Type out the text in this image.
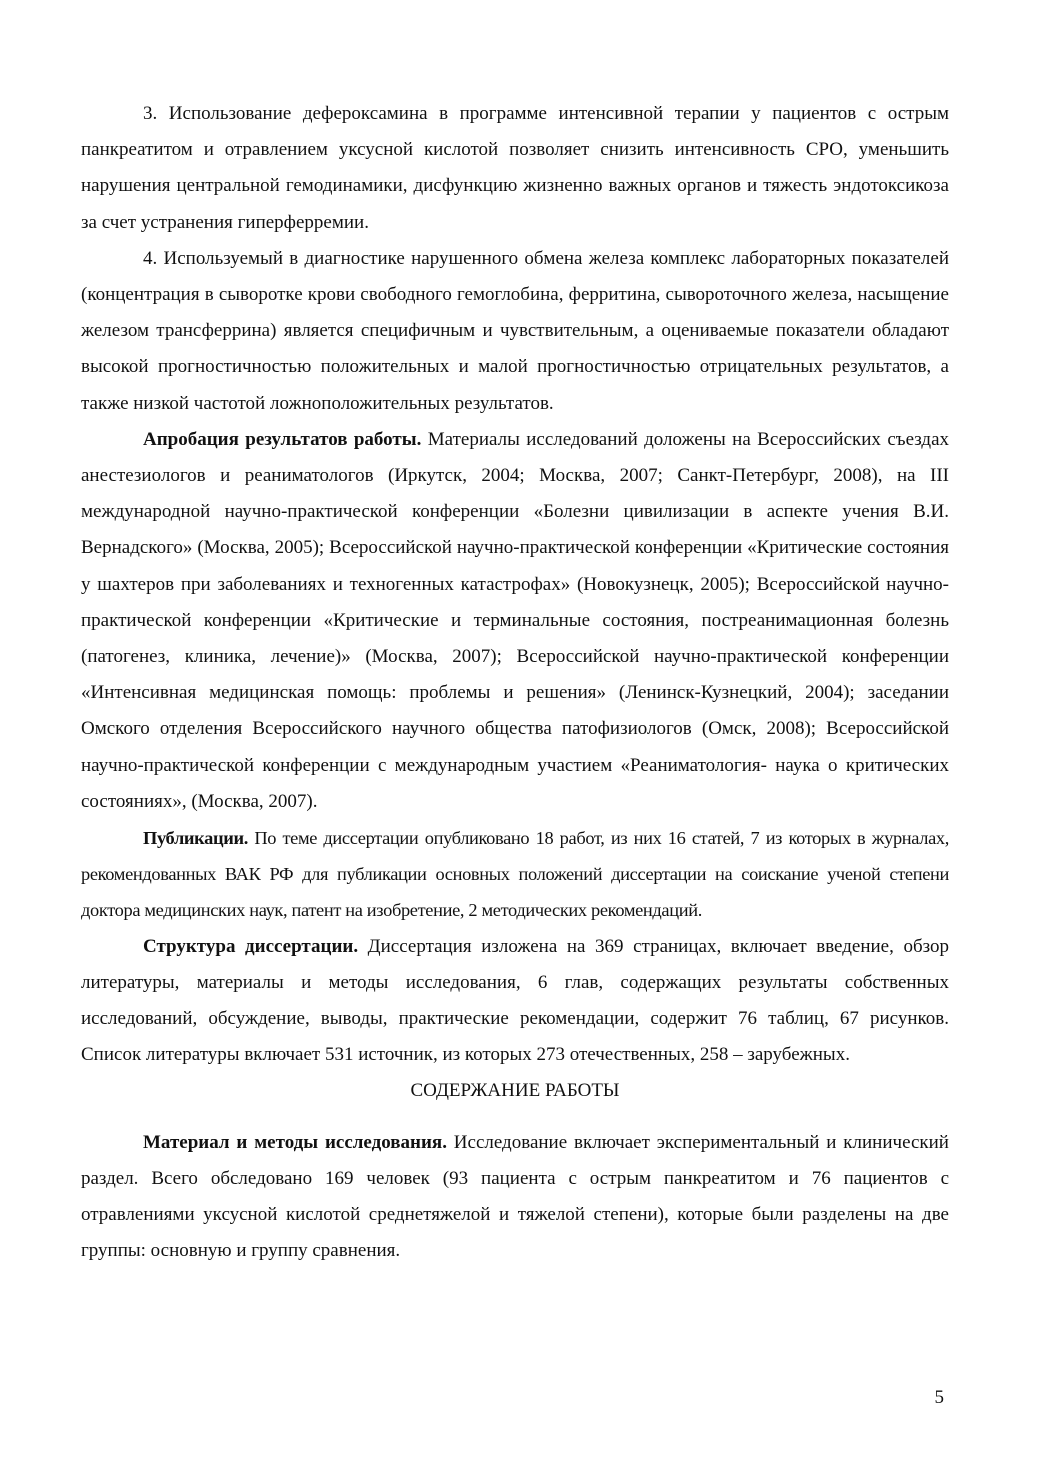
3. Использование дефероксамина в программе интенсивной терапии у пациентов с острым панкреатитом и отравлением уксусной кислотой позволяет снизить интенсивность СРО, уменьшить нарушения центральной гемодинамики, дисфункцию жизненно важных органов и тяжесть эндотоксикоза за счет устранения гиперферремии.

4. Используемый в диагностике нарушенного обмена железа комплекс лабораторных показателей (концентрация в сыворотке крови свободного гемоглобина, ферритина, сывороточного железа, насыщение железом трансферрина) является специфичным и чувствительным, а оцениваемые показатели обладают высокой прогностичностью положительных и малой прогностичностью отрицательных результатов, а также низкой частотой ложноположительных результатов.

Апробация результатов работы. Материалы исследований доложены на Всероссийских съездах анестезиологов и реаниматологов (Иркутск, 2004; Москва, 2007; Санкт-Петербург, 2008), на III международной научно-практической конференции «Болезни цивилизации в аспекте учения В.И. Вернадского» (Москва, 2005); Всероссийской научно-практической конференции «Критические состояния у шахтеров при заболеваниях и техногенных катастрофах» (Новокузнецк, 2005); Всероссийской научно-практической конференции «Критические и терминальные состояния, постреанимационная болезнь (патогенез, клиника, лечение)» (Москва, 2007); Всероссийской научно-практической конференции «Интенсивная медицинская помощь: проблемы и решения» (Ленинск-Кузнецкий, 2004); заседании Омского отделения Всероссийского научного общества патофизиологов (Омск, 2008); Всероссийской научно-практической конференции с международным участием «Реаниматология- наука о критических состояниях», (Москва, 2007).

Публикации. По теме диссертации опубликовано 18 работ, из них 16 статей, 7 из которых в журналах, рекомендованных ВАК РФ для публикации основных положений диссертации на соискание ученой степени доктора медицинских наук, патент на изобретение, 2 методических рекомендаций.

Структура диссертации. Диссертация изложена на 369 страницах, включает введение, обзор литературы, материалы и методы исследования, 6 глав, содержащих результаты собственных исследований, обсуждение, выводы, практические рекомендации, содержит 76 таблиц, 67 рисунков. Список литературы включает 531 источник, из которых 273 отечественных, 258 – зарубежных.

СОДЕРЖАНИЕ РАБОТЫ

Материал и методы исследования. Исследование включает экспериментальный и клинический раздел. Всего обследовано 169 человек (93 пациента с острым панкреатитом и 76 пациентов с отравлениями уксусной кислотой среднетяжелой и тяжелой степени), которые были разделены на две группы: основную и группу сравнения.

5
